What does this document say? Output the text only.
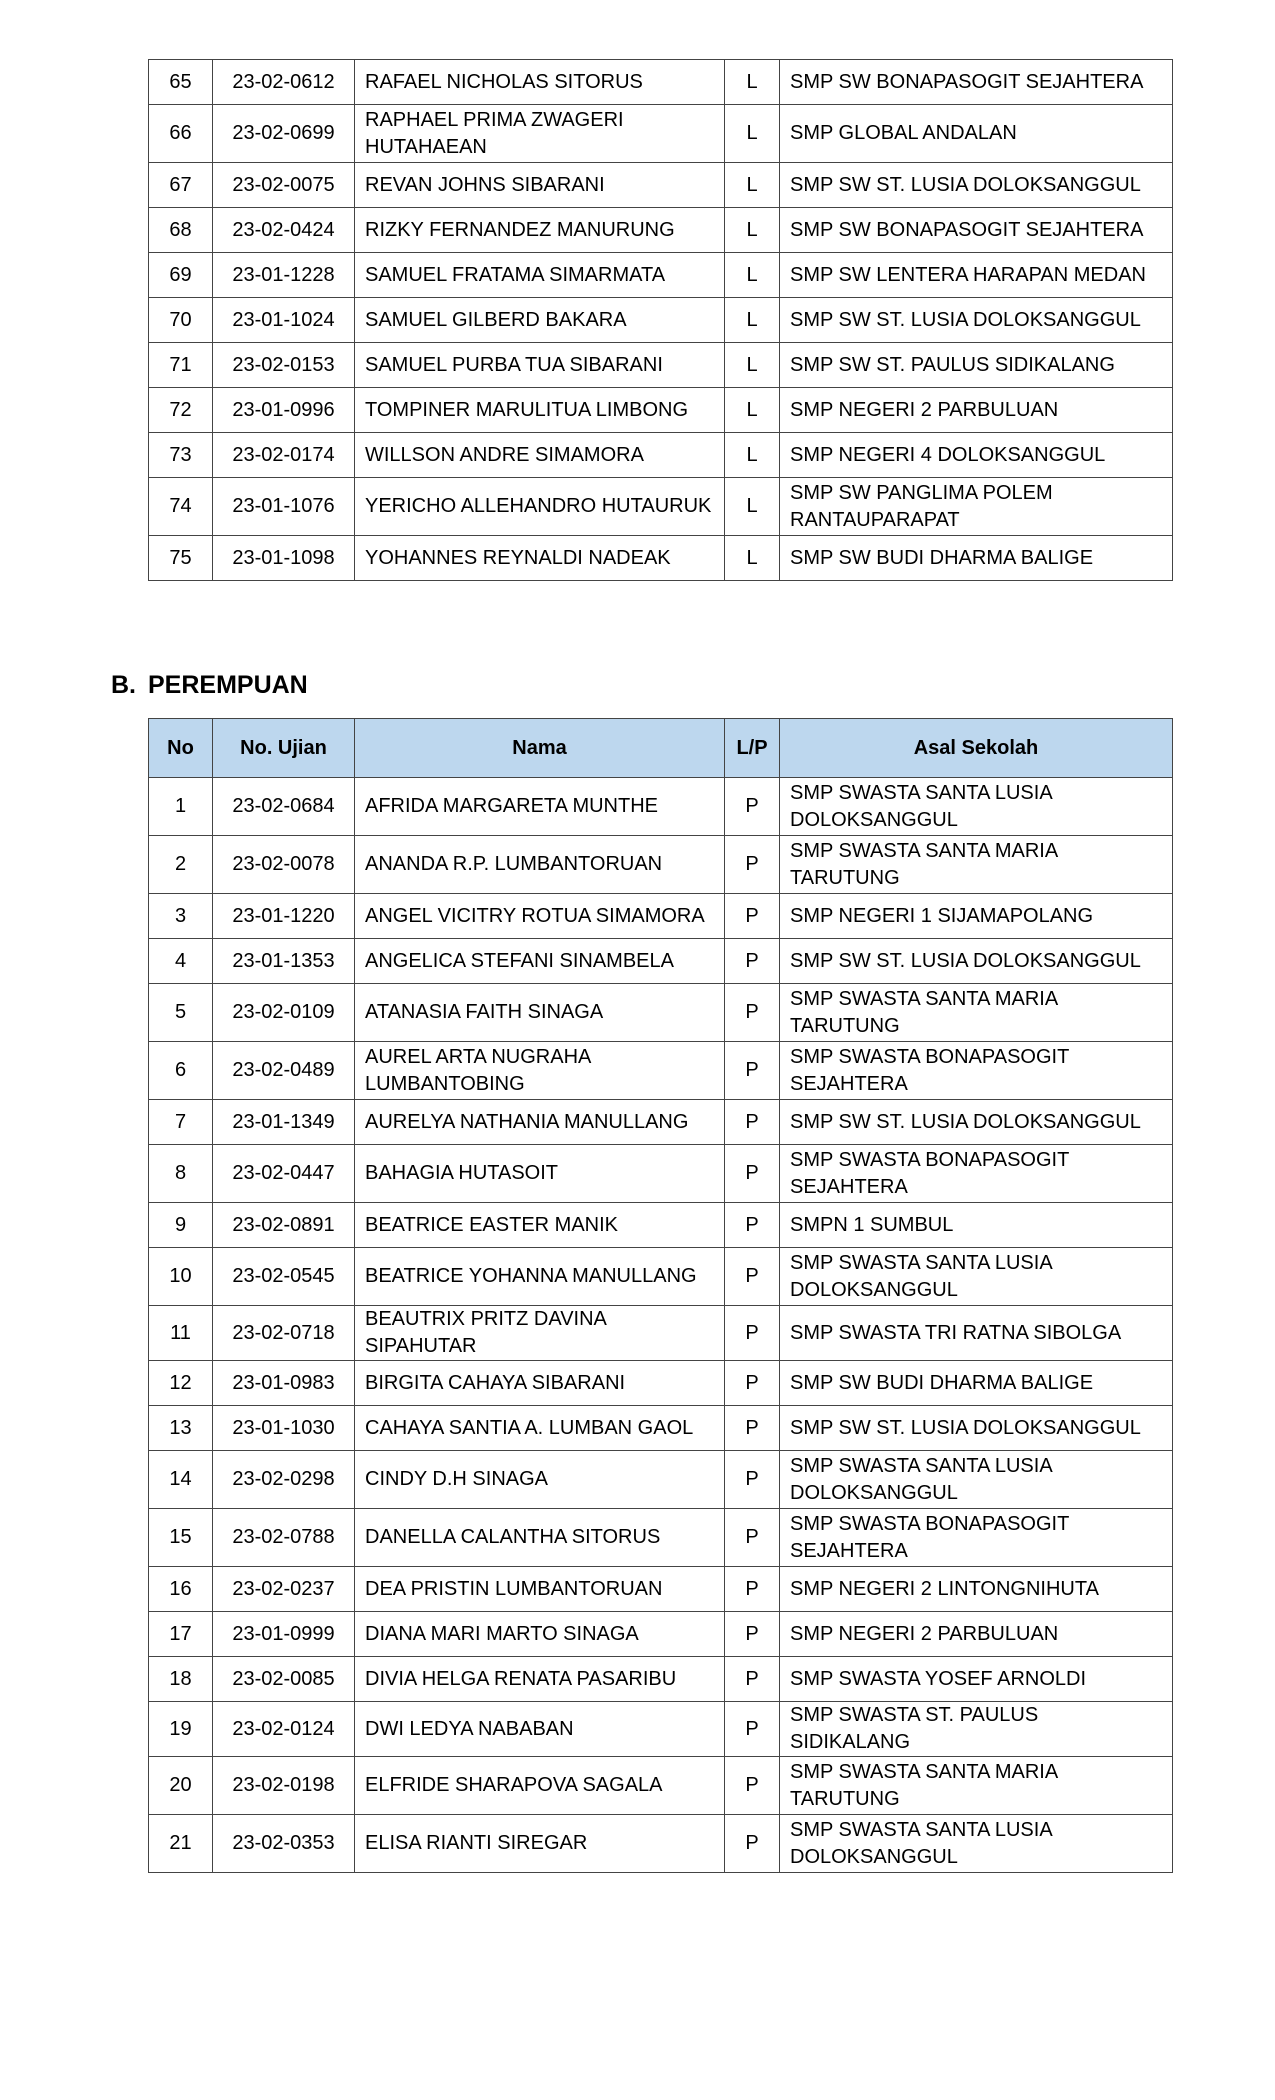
65	23-02-0612	RAFAEL NICHOLAS SITORUS	L	SMP SW BONAPASOGIT SEJAHTERA
66	23-02-0699	RAPHAEL PRIMA ZWAGERI HUTAHAEAN	L	SMP GLOBAL ANDALAN
67	23-02-0075	REVAN JOHNS SIBARANI	L	SMP SW ST. LUSIA DOLOKSANGGUL
68	23-02-0424	RIZKY FERNANDEZ MANURUNG	L	SMP SW BONAPASOGIT SEJAHTERA
69	23-01-1228	SAMUEL FRATAMA SIMARMATA	L	SMP SW LENTERA HARAPAN MEDAN
70	23-01-1024	SAMUEL GILBERD BAKARA	L	SMP SW ST. LUSIA DOLOKSANGGUL
71	23-02-0153	SAMUEL PURBA TUA SIBARANI	L	SMP SW ST. PAULUS SIDIKALANG
72	23-01-0996	TOMPINER MARULITUA LIMBONG	L	SMP NEGERI 2 PARBULUAN
73	23-02-0174	WILLSON ANDRE SIMAMORA	L	SMP NEGERI 4 DOLOKSANGGUL
74	23-01-1076	YERICHO ALLEHANDRO HUTAURUK	L	SMP SW PANGLIMA POLEM RANTAUPARAPAT
75	23-01-1098	YOHANNES REYNALDI NADEAK	L	SMP SW BUDI DHARMA BALIGE
B. PEREMPUAN
No	No. Ujian	Nama	L/P	Asal Sekolah
1	23-02-0684	AFRIDA MARGARETA MUNTHE	P	SMP SWASTA SANTA LUSIA DOLOKSANGGUL
2	23-02-0078	ANANDA R.P. LUMBANTORUAN	P	SMP SWASTA SANTA MARIA TARUTUNG
3	23-01-1220	ANGEL VICITRY ROTUA SIMAMORA	P	SMP NEGERI 1 SIJAMAPOLANG
4	23-01-1353	ANGELICA STEFANI SINAMBELA	P	SMP SW ST. LUSIA DOLOKSANGGUL
5	23-02-0109	ATANASIA FAITH SINAGA	P	SMP SWASTA SANTA MARIA TARUTUNG
6	23-02-0489	AUREL ARTA NUGRAHA LUMBANTOBING	P	SMP SWASTA BONAPASOGIT SEJAHTERA
7	23-01-1349	AURELYA NATHANIA MANULLANG	P	SMP SW ST. LUSIA DOLOKSANGGUL
8	23-02-0447	BAHAGIA HUTASOIT	P	SMP SWASTA BONAPASOGIT SEJAHTERA
9	23-02-0891	BEATRICE EASTER MANIK	P	SMPN 1 SUMBUL
10	23-02-0545	BEATRICE YOHANNA MANULLANG	P	SMP SWASTA SANTA LUSIA DOLOKSANGGUL
11	23-02-0718	BEAUTRIX PRITZ DAVINA SIPAHUTAR	P	SMP SWASTA TRI RATNA SIBOLGA
12	23-01-0983	BIRGITA CAHAYA SIBARANI	P	SMP SW BUDI DHARMA BALIGE
13	23-01-1030	CAHAYA SANTIA A. LUMBAN GAOL	P	SMP SW ST. LUSIA DOLOKSANGGUL
14	23-02-0298	CINDY D.H SINAGA	P	SMP SWASTA SANTA LUSIA DOLOKSANGGUL
15	23-02-0788	DANELLA CALANTHA SITORUS	P	SMP SWASTA BONAPASOGIT SEJAHTERA
16	23-02-0237	DEA PRISTIN LUMBANTORUAN	P	SMP NEGERI 2 LINTONGNIHUTA
17	23-01-0999	DIANA MARI MARTO SINAGA	P	SMP NEGERI 2 PARBULUAN
18	23-02-0085	DIVIA HELGA RENATA PASARIBU	P	SMP SWASTA YOSEF ARNOLDI
19	23-02-0124	DWI LEDYA NABABAN	P	SMP SWASTA ST. PAULUS SIDIKALANG
20	23-02-0198	ELFRIDE SHARAPOVA SAGALA	P	SMP SWASTA SANTA MARIA TARUTUNG
21	23-02-0353	ELISA RIANTI SIREGAR	P	SMP SWASTA SANTA LUSIA DOLOKSANGGUL
